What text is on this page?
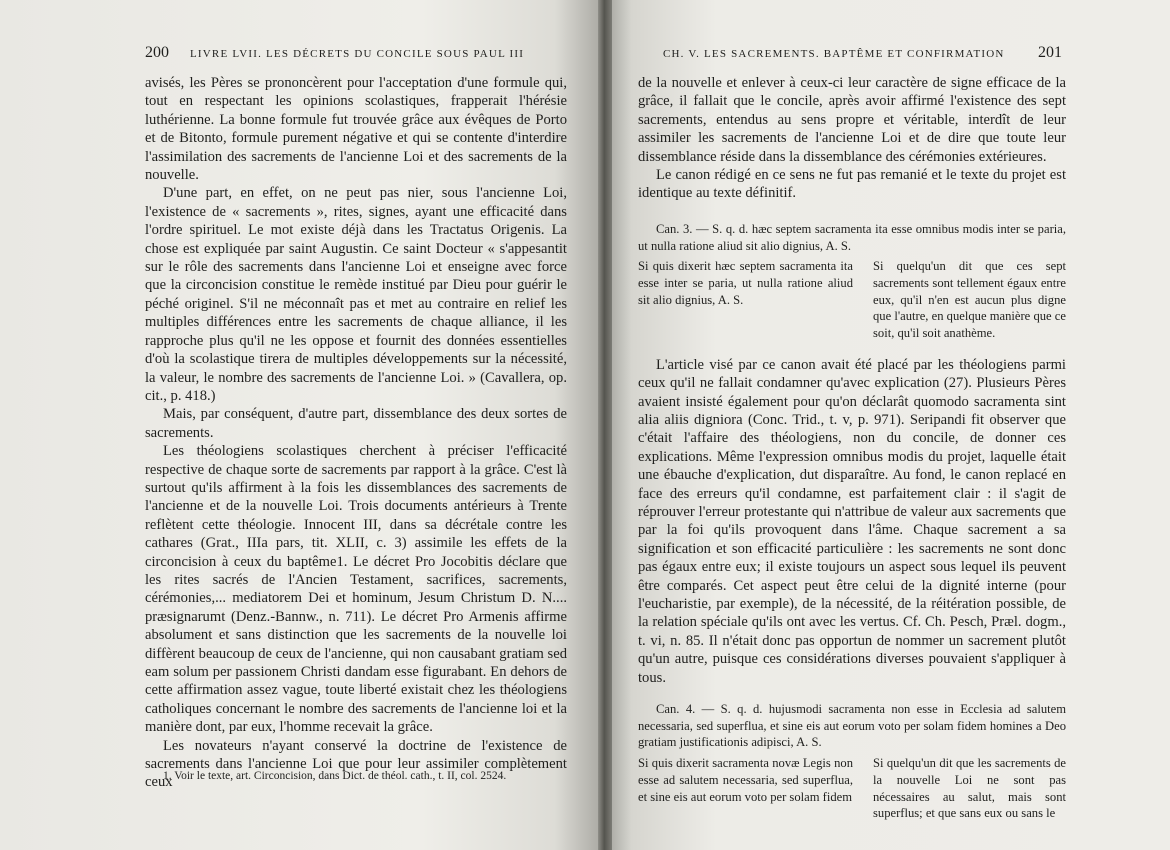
200 LIVRE LVII. LES DÉCRETS DU CONCILE SOUS PAUL III

avisés, les Pères se prononcèrent pour l'acceptation d'une formule qui, tout en respectant les opinions scolastiques, frapperait l'hérésie luthérienne. La bonne formule fut trouvée grâce aux évêques de Porto et de Bitonto, formule purement négative et qui se contente d'interdire l'assimilation des sacrements de l'ancienne Loi et des sacrements de la nouvelle.

D'une part, en effet, on ne peut pas nier, sous l'ancienne Loi, l'existence de « sacrements », rites, signes, ayant une efficacité dans l'ordre spirituel. Le mot existe déjà dans les Tractatus Origenis. La chose est expliquée par saint Augustin. Ce saint Docteur « s'appesantit sur le rôle des sacrements dans l'ancienne Loi et enseigne avec force que la circoncision constitue le remède institué par Dieu pour guérir le péché originel. S'il ne méconnaît pas et met au contraire en relief les multiples différences entre les sacrements de chaque alliance, il les rapproche plus qu'il ne les oppose et fournit des données essentielles d'où la scolastique tirera de multiples développements sur la nécessité, la valeur, le nombre des sacrements de l'ancienne Loi. » (Cavallera, op. cit., p. 418.)

Mais, par conséquent, d'autre part, dissemblance des deux sortes de sacrements.

Les théologiens scolastiques cherchent à préciser l'efficacité respective de chaque sorte de sacrements par rapport à la grâce. C'est là surtout qu'ils affirment à la fois les dissemblances des sacrements de l'ancienne et de la nouvelle Loi. Trois documents antérieurs à Trente reflètent cette théologie. Innocent III, dans sa décrétale contre les cathares (Grat., IIIa pars, tit. XLII, c. 3) assimile les effets de la circoncision à ceux du baptême1. Le décret Pro Jocobitis déclare que les rites sacrés de l'Ancien Testament, sacrifices, sacrements, cérémonies,... mediatorem Dei et hominum, Jesum Christum D. N.... præsignarumt (Denz.-Bannw., n. 711). Le décret Pro Armenis affirme absolument et sans distinction que les sacrements de la nouvelle loi diffèrent beaucoup de ceux de l'ancienne, qui non causabant gratiam sed eam solum per passionem Christi dandam esse figurabant. En dehors de cette affirmation assez vague, toute liberté existait chez les théologiens catholiques concernant le nombre des sacrements de l'ancienne loi et la manière dont, par eux, l'homme recevait la grâce.

Les novateurs n'ayant conservé la doctrine de l'existence de sacrements dans l'ancienne Loi que pour leur assimiler complètement ceux

1. Voir le texte, art. Circoncision, dans Dict. de théol. cath., t. II, col. 2524.
CH. V. LES SACREMENTS. BAPTÊME ET CONFIRMATION 201

de la nouvelle et enlever à ceux-ci leur caractère de signe efficace de la grâce, il fallait que le concile, après avoir affirmé l'existence des sept sacrements, entendus au sens propre et véritable, interdît de leur assimiler les sacrements de l'ancienne Loi et de dire que toute leur dissemblance réside dans la dissemblance des cérémonies extérieures.

Le canon rédigé en ce sens ne fut pas remanié et le texte du projet est identique au texte définitif.

Can. 3. — S. q. d. hæc septem sacramenta ita esse omnibus modis inter se paria, ut nulla ratione aliud sit alio dignius, A. S.

Si quis dixerit hæc septem sacramenta ita esse inter se paria, ut nulla ratione aliud sit alio dignius, A. S.

Si quelqu'un dit que ces sept sacrements sont tellement égaux entre eux, qu'il n'en est aucun plus digne que l'autre, en quelque manière que ce soit, qu'il soit anathème.

L'article visé par ce canon avait été placé par les théologiens parmi ceux qu'il ne fallait condamner qu'avec explication (27). Plusieurs Pères avaient insisté également pour qu'on déclarât quomodo sacramenta sint alia aliis digniora (Conc. Trid., t. v, p. 971). Seripandi fit observer que c'était l'affaire des théologiens, non du concile, de donner ces explications. Même l'expression omnibus modis du projet, laquelle était une ébauche d'explication, dut disparaître. Au fond, le canon replacé en face des erreurs qu'il condamne, est parfaitement clair : il s'agit de réprouver l'erreur protestante qui n'attribue de valeur aux sacrements que par la foi qu'ils provoquent dans l'âme. Chaque sacrement a sa signification et son efficacité particulière : les sacrements ne sont donc pas égaux entre eux; il existe toujours un aspect sous lequel ils peuvent être comparés. Cet aspect peut être celui de la dignité interne (pour l'eucharistie, par exemple), de la nécessité, de la réitération possible, de la relation spéciale qu'ils ont avec les vertus. Cf. Ch. Pesch, Præl. dogm., t. vi, n. 85. Il n'était donc pas opportun de nommer un sacrement plutôt qu'un autre, puisque ces considérations diverses pouvaient s'appliquer à tous.

Can. 4. — S. q. d. hujusmodi sacramenta non esse in Ecclesia ad salutem necessaria, sed superflua, et sine eis aut eorum voto per solam fidem homines a Deo gratiam justificationis adipisci, A. S.

Si quis dixerit sacramenta novæ Legis non esse ad salutem necessaria, sed superflua, et sine eis aut eorum voto per solam fidem

Si quelqu'un dit que les sacrements de la nouvelle Loi ne sont pas nécessaires au salut, mais sont superflus; et que sans eux ou sans le
